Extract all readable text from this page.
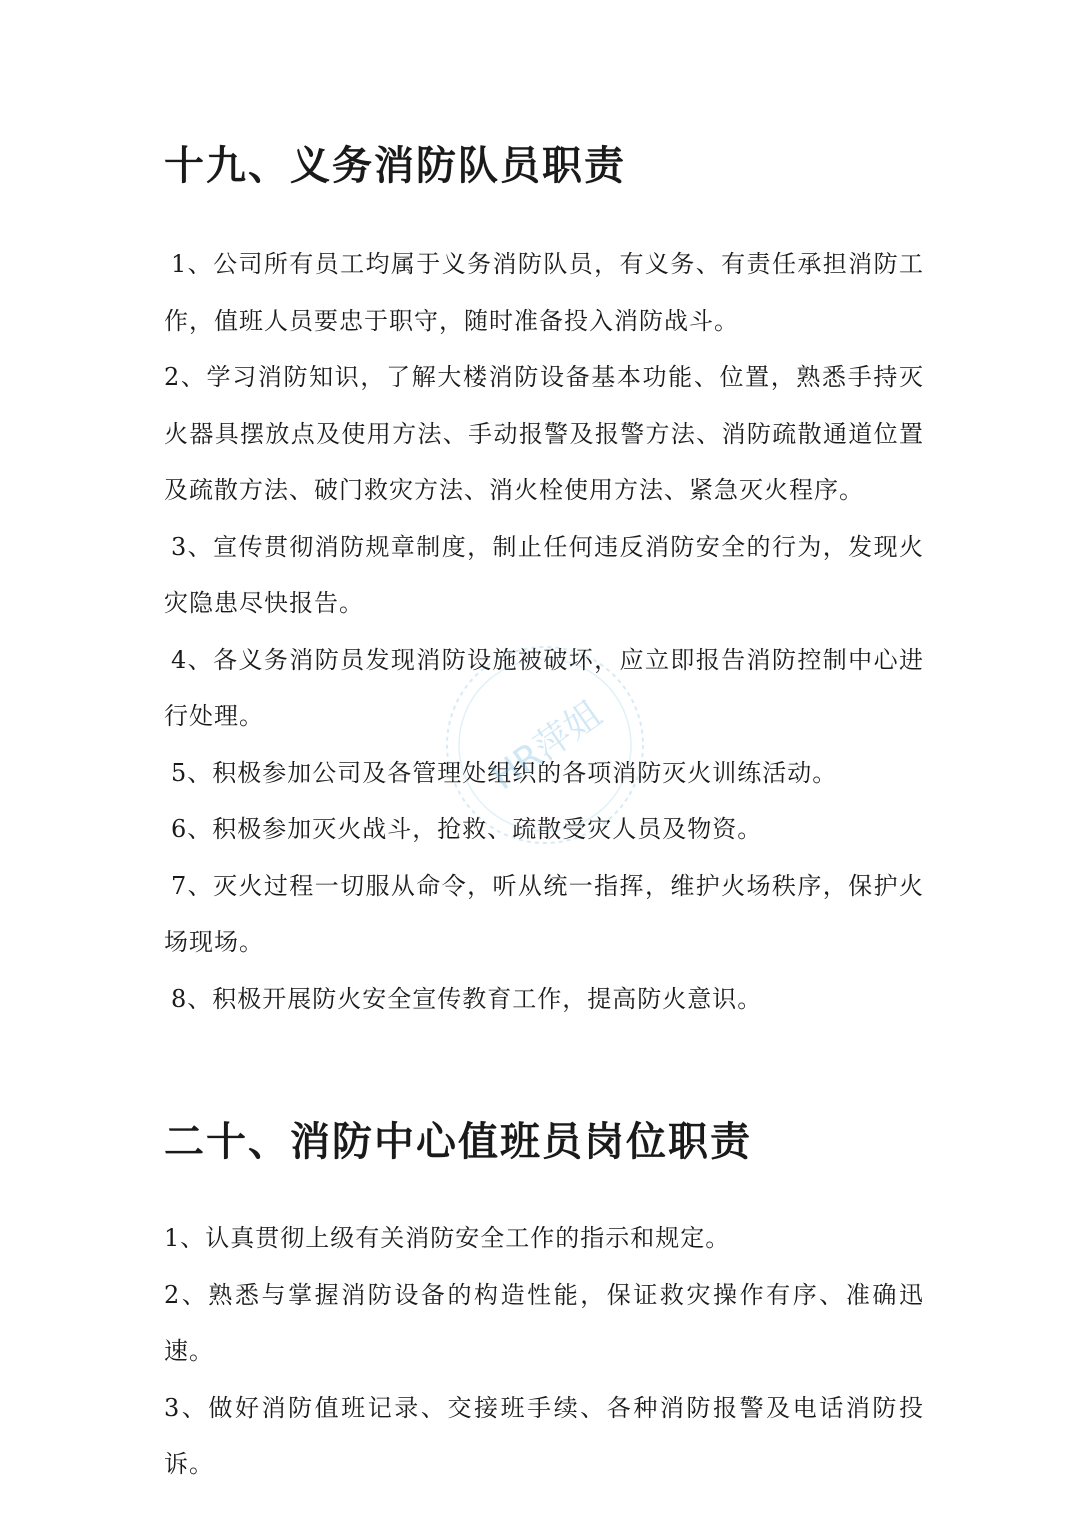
十九、义务消防队员职责

1、公司所有员工均属于义务消防队员，有义务、有责任承担消防工作，值班人员要忠于职守，随时准备投入消防战斗。

2、学习消防知识，了解大楼消防设备基本功能、位置，熟悉手持灭火器具摆放点及使用方法、手动报警及报警方法、消防疏散通道位置及疏散方法、破门救灾方法、消火栓使用方法、紧急灭火程序。

3、宣传贯彻消防规章制度，制止任何违反消防安全的行为，发现火灾隐患尽快报告。

4、各义务消防员发现消防设施被破坏，应立即报告消防控制中心进行处理。

5、积极参加公司及各管理处组织的各项消防灭火训练活动。

6、积极参加灭火战斗，抢救、疏散受灾人员及物资。

7、灭火过程一切服从命令，听从统一指挥，维护火场秩序，保护火场现场。

8、积极开展防火安全宣传教育工作，提高防火意识。

二十、消防中心值班员岗位职责

1、认真贯彻上级有关消防安全工作的指示和规定。

2、熟悉与掌握消防设备的构造性能，保证救灾操作有序、准确迅速。

3、做好消防值班记录、交接班手续、各种消防报警及电话消防投诉。

HR萍姐
